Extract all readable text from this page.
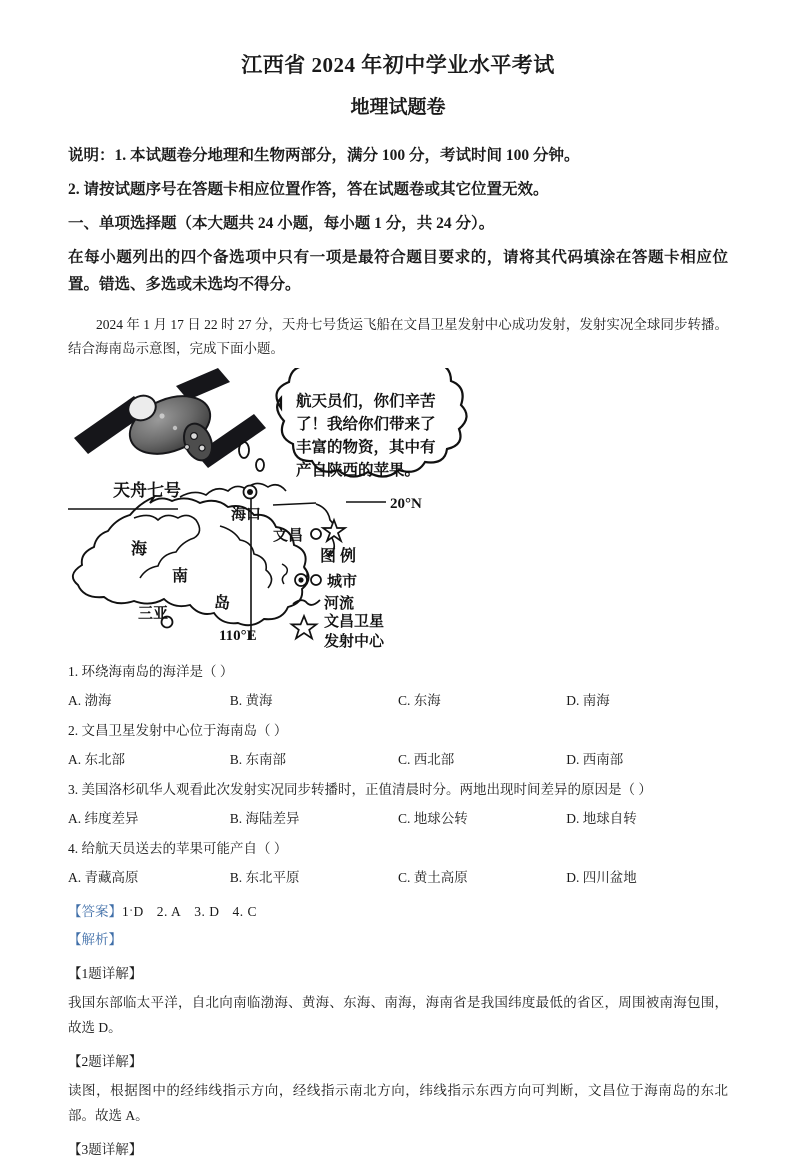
江西省 2024 年初中学业水平考试
地理试题卷
说明：1. 本试题卷分地理和生物两部分，满分 100 分，考试时间 100 分钟。
2. 请按试题序号在答题卡相应位置作答，答在试题卷或其它位置无效。
一、单项选择题（本大题共 24 小题，每小题 1 分，共 24 分）。
在每小题列出的四个备选项中只有一项是最符合题目要求的，请将其代码填涂在答题卡相应位置。错选、多选或未选均不得分。
2024 年 1 月 17 日 22 时 27 分，天舟七号货运飞船在文昌卫星发射中心成功发射，发射实况全球同步转播。结合海南岛示意图，完成下面小题。
天舟七号
航天员们，你们辛苦
了！我给你们带来了
丰富的物资，其中有
产自陕西的苹果。
海口
文昌
三亚
海
南
岛
20°N
110°E
图 例
城市
河流
文昌卫星
发射中心
1. 环绕海南岛的海洋是（ ）
A. 渤海	B. 黄海	C. 东海	D. 南海
2. 文昌卫星发射中心位于海南岛（ ）
A. 东北部	B. 东南部	C. 西北部	D. 西南部
3. 美国洛杉矶华人观看此次发射实况同步转播时，正值清晨时分。两地出现时间差异的原因是（ ）
A. 纬度差异	B. 海陆差异	C. 地球公转	D. 地球自转
4. 给航天员送去的苹果可能产自（ ）
A. 青藏高原	B. 东北平原	C. 黄土高原	D. 四川盆地
【答案】1ˑD 2. A 3. D 4. C
【解析】
【1题详解】
我国东部临太平洋，自北向南临渤海、黄海、东海、南海，海南省是我国纬度最低的省区，周围被南海包围，故选 D。
【2题详解】
读图，根据图中的经纬线指示方向，经线指示南北方向，纬线指示东西方向可判断，文昌位于海南岛的东北部。故选 A。
【3题详解】
